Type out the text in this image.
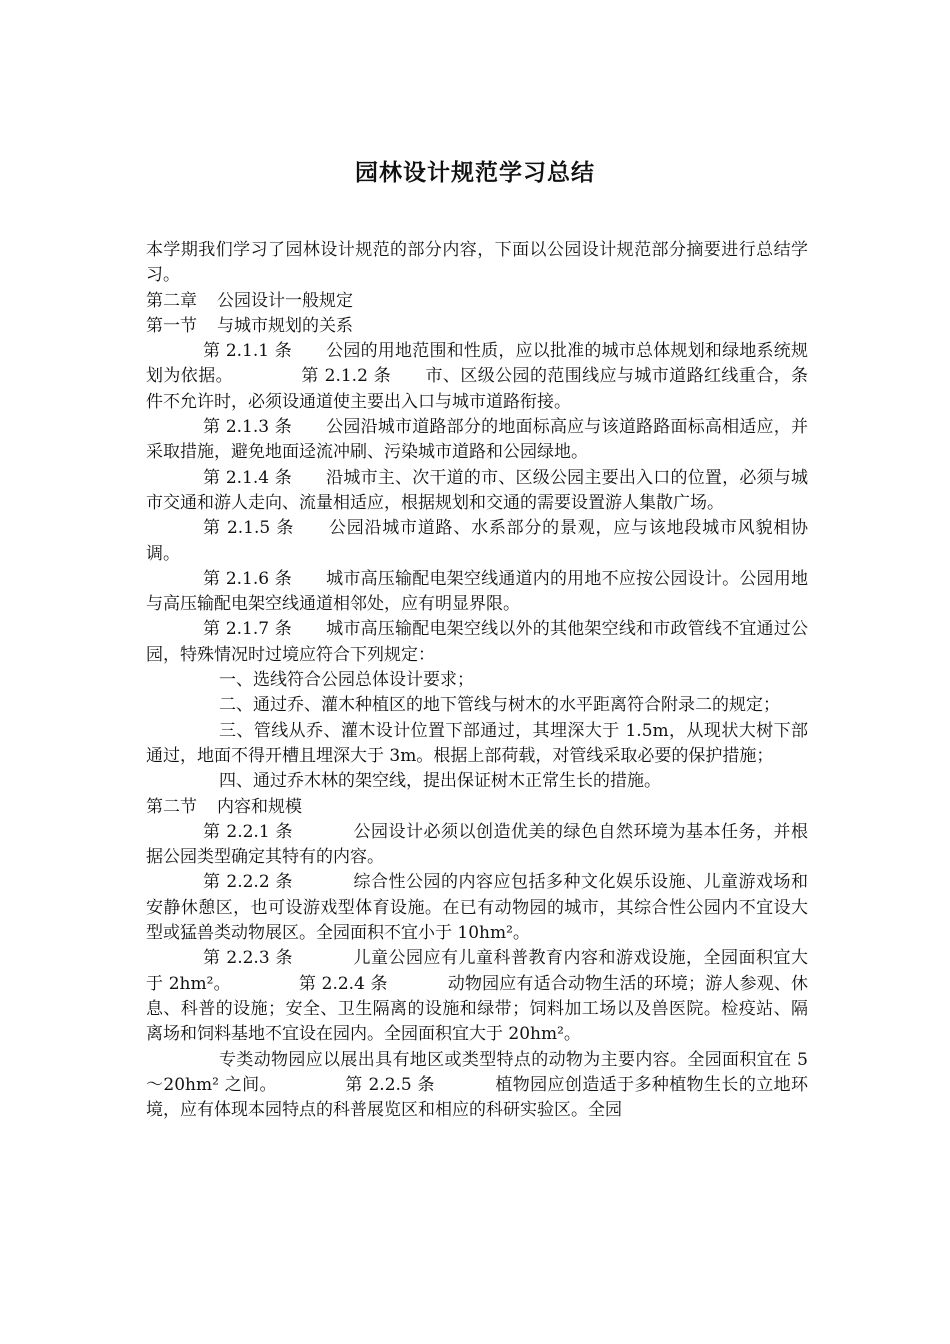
园林设计规范学习总结

本学期我们学习了园林设计规范的部分内容，下面以公园设计规范部分摘要进行总结学习。

第二章 公园设计一般规定

第一节 与城市规划的关系

第 2.1.1 条 公园的用地范围和性质，应以批准的城市总体规划和绿地系统规划为依据。	第 2.1.2 条 市、区级公园的范围线应与城市道路红线重合，条件不允许时，必须设通道使主要出入口与城市道路衔接。

第 2.1.3 条 公园沿城市道路部分的地面标高应与该道路路面标高相适应，并采取措施，避免地面迳流冲刷、污染城市道路和公园绿地。

第 2.1.4 条 沿城市主、次干道的市、区级公园主要出入口的位置，必须与城市交通和游人走向、流量相适应，根据规划和交通的需要设置游人集散广场。

第 2.1.5 条 公园沿城市道路、水系部分的景观，应与该地段城市风貌相协调。

第 2.1.6 条 城市高压输配电架空线通道内的用地不应按公园设计。公园用地与高压输配电架空线通道相邻处，应有明显界限。

第 2.1.7 条 城市高压输配电架空线以外的其他架空线和市政管线不宜通过公园，特殊情况时过境应符合下列规定：

一、选线符合公园总体设计要求；

二、通过乔、灌木种植区的地下管线与树木的水平距离符合附录二的规定；

三、管线从乔、灌木设计位置下部通过，其埋深大于 1.5m，从现状大树下部通过，地面不得开槽且埋深大于 3m。根据上部荷载，对管线采取必要的保护措施；

四、通过乔木林的架空线，提出保证树木正常生长的措施。

第二节 内容和规模

第 2.2.1 条	公园设计必须以创造优美的绿色自然环境为基本任务，并根据公园类型确定其特有的内容。

第 2.2.2 条	综合性公园的内容应包括多种文化娱乐设施、儿童游戏场和安静休憩区，也可设游戏型体育设施。在已有动物园的城市，其综合性公园内不宜设大型或猛兽类动物展区。全园面积不宜小于 10hm²。

第 2.2.3 条	儿童公园应有儿童科普教育内容和游戏设施，全园面积宜大于 2hm²。	第 2.2.4 条	动物园应有适合动物生活的环境；游人参观、休息、科普的设施；安全、卫生隔离的设施和绿带；饲料加工场以及兽医院。检疫站、隔离场和饲料基地不宜设在园内。全园面积宜大于 20hm²。

专类动物园应以展出具有地区或类型特点的动物为主要内容。全园面积宜在 5～20hm² 之间。	第 2.2.5 条	植物园应创造适于多种植物生长的立地环境，应有体现本园特点的科普展览区和相应的科研实验区。全园
